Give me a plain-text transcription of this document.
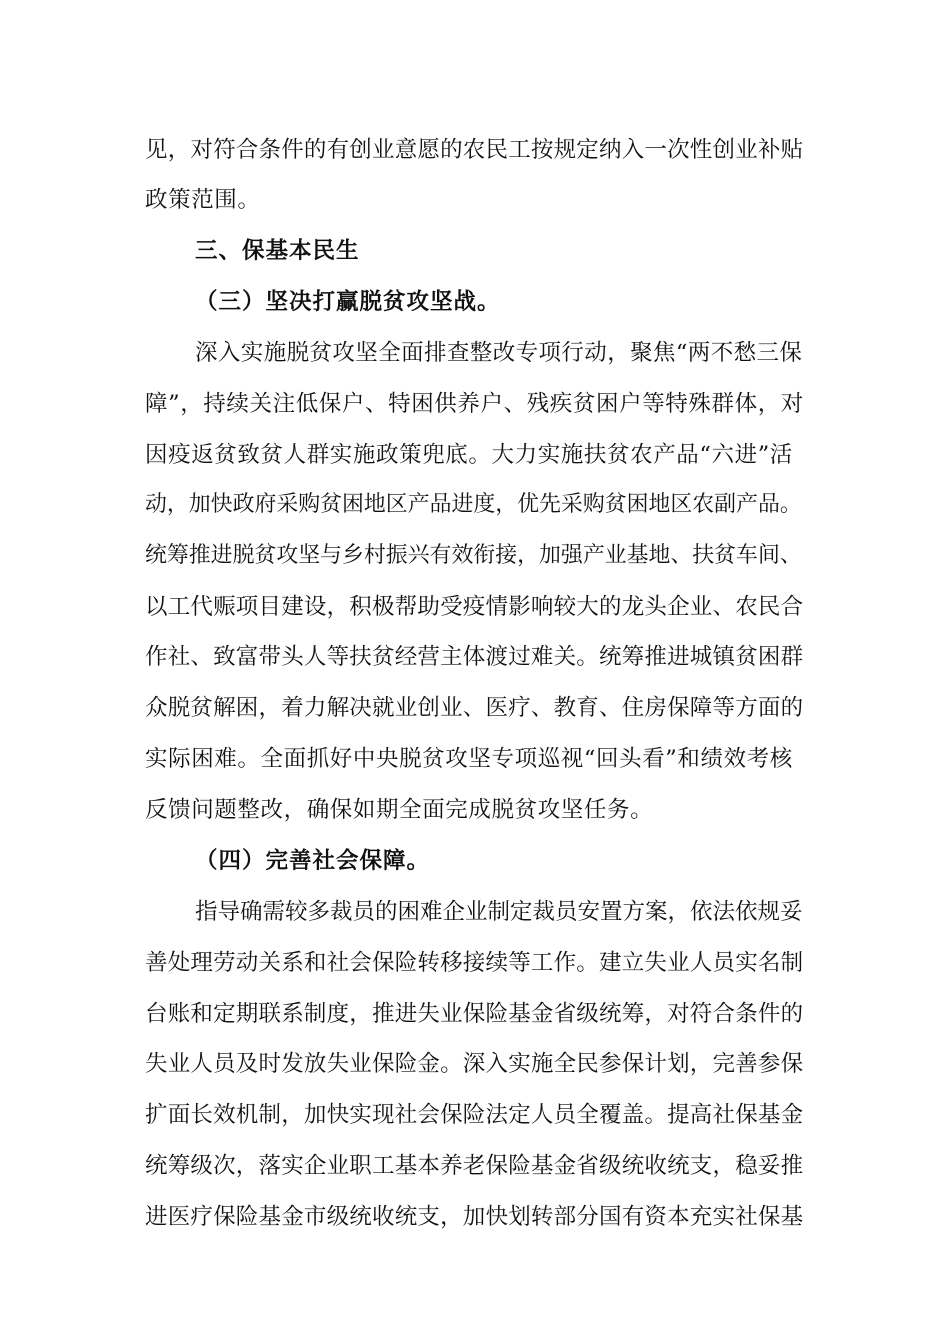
见，对符合条件的有创业意愿的农民工按规定纳入一次性创业补贴
政策范围。
三、保基本民生
（三）坚决打赢脱贫攻坚战。
深入实施脱贫攻坚全面排查整改专项行动，聚焦“两不愁三保
障”，持续关注低保户、特困供养户、残疾贫困户等特殊群体，对
因疫返贫致贫人群实施政策兜底。大力实施扶贫农产品“六进”活
动，加快政府采购贫困地区产品进度，优先采购贫困地区农副产品。
统筹推进脱贫攻坚与乡村振兴有效衔接，加强产业基地、扶贫车间、
以工代赈项目建设，积极帮助受疫情影响较大的龙头企业、农民合
作社、致富带头人等扶贫经营主体渡过难关。统筹推进城镇贫困群
众脱贫解困，着力解决就业创业、医疗、教育、住房保障等方面的
实际困难。全面抓好中央脱贫攻坚专项巡视“回头看”和绩效考核
反馈问题整改，确保如期全面完成脱贫攻坚任务。
（四）完善社会保障。
指导确需较多裁员的困难企业制定裁员安置方案，依法依规妥
善处理劳动关系和社会保险转移接续等工作。建立失业人员实名制
台账和定期联系制度，推进失业保险基金省级统筹，对符合条件的
失业人员及时发放失业保险金。深入实施全民参保计划，完善参保
扩面长效机制，加快实现社会保险法定人员全覆盖。提高社保基金
统筹级次，落实企业职工基本养老保险基金省级统收统支，稳妥推
进医疗保险基金市级统收统支，加快划转部分国有资本充实社保基
